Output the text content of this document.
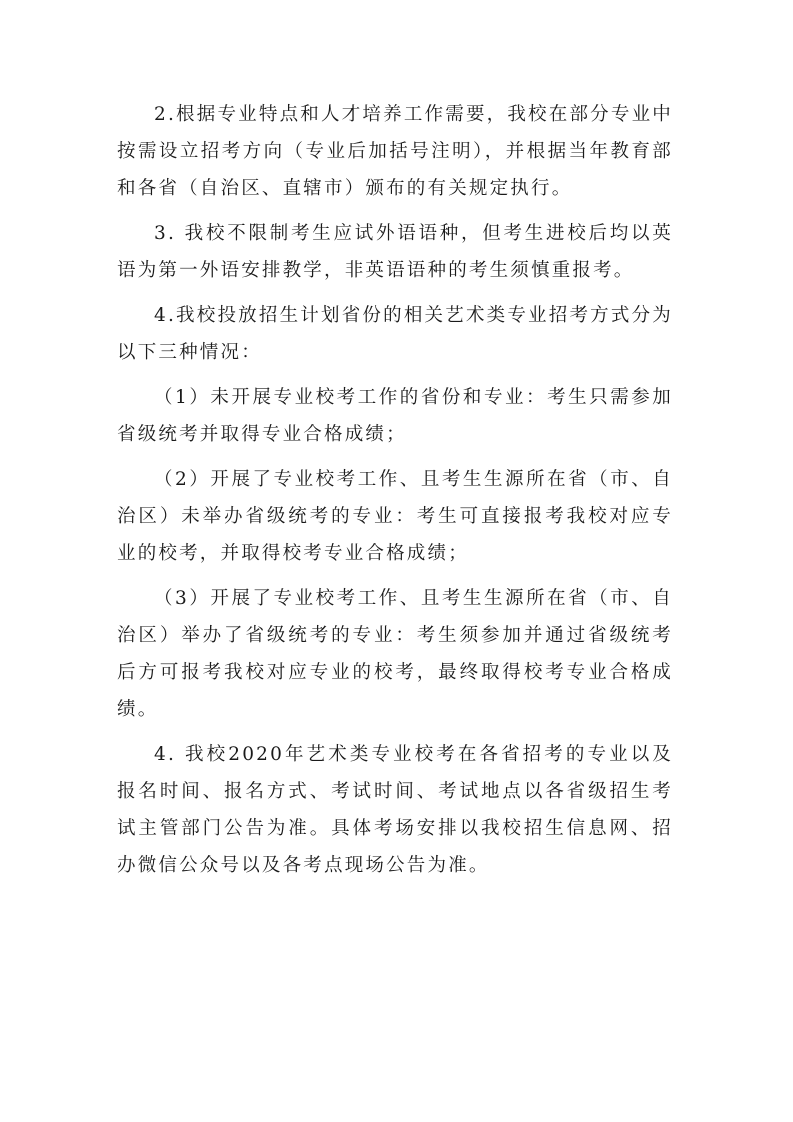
2.根据专业特点和人才培养工作需要，我校在部分专业中按需设立招考方向（专业后加括号注明），并根据当年教育部和各省（自治区、直辖市）颁布的有关规定执行。

3. 我校不限制考生应试外语语种，但考生进校后均以英语为第一外语安排教学，非英语语种的考生须慎重报考。

4.我校投放招生计划省份的相关艺术类专业招考方式分为以下三种情况：

（1）未开展专业校考工作的省份和专业：考生只需参加省级统考并取得专业合格成绩；

（2）开展了专业校考工作、且考生生源所在省（市、自治区）未举办省级统考的专业：考生可直接报考我校对应专业的校考，并取得校考专业合格成绩；

（3）开展了专业校考工作、且考生生源所在省（市、自治区）举办了省级统考的专业：考生须参加并通过省级统考后方可报考我校对应专业的校考，最终取得校考专业合格成绩。

4. 我校2020年艺术类专业校考在各省招考的专业以及报名时间、报名方式、考试时间、考试地点以各省级招生考试主管部门公告为准。具体考场安排以我校招生信息网、招办微信公众号以及各考点现场公告为准。
